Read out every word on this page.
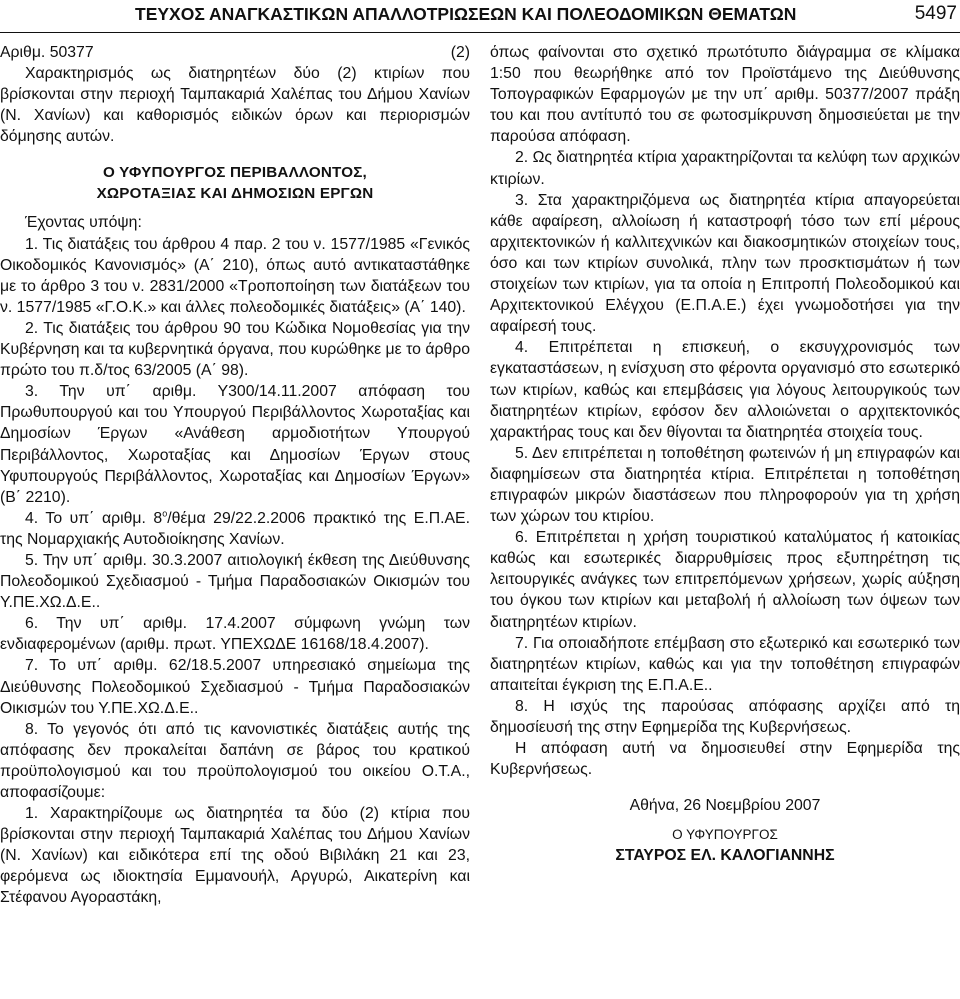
ΤΕΥΧΟΣ ΑΝΑΓΚΑΣΤΙΚΩΝ ΑΠΑΛΛΟΤΡΙΩΣΕΩΝ ΚΑΙ ΠΟΛΕΟΔΟΜΙΚΩΝ ΘΕΜΑΤΩΝ	5497

Αριθμ. 50377	(2)

Χαρακτηρισμός ως διατηρητέων δύο (2) κτιρίων που βρίσκονται στην περιοχή Ταμπακαριά Χαλέπας του Δήμου Χανίων (Ν. Χανίων) και καθορισμός ειδικών όρων και περιορισμών δόμησης αυτών.

Ο ΥΦΥΠΟΥΡΓΟΣ ΠΕΡΙΒΑΛΛΟΝΤΟΣ,

ΧΩΡΟΤΑΞΙΑΣ ΚΑΙ ΔΗΜΟΣΙΩΝ ΕΡΓΩΝ

Έχοντας υπόψη:

1. Τις διατάξεις του άρθρου 4 παρ. 2 του ν. 1577/1985 «Γενικός Οικοδομικός Κανονισμός» (Α΄ 210), όπως αυτό αντικαταστάθηκε με το άρθρο 3 του ν. 2831/2000 «Τροποποίηση των διατάξεων του ν. 1577/1985 «Γ.Ο.Κ.» και άλλες πολεοδομικές διατάξεις» (Α΄ 140).

2. Τις διατάξεις του άρθρου 90 του Κώδικα Νομοθεσίας για την Κυβέρνηση και τα κυβερνητικά όργανα, που κυρώθηκε με το άρθρο πρώτο του π.δ/τος 63/2005 (Α΄ 98).

3. Την υπ΄ αριθμ. Υ300/14.11.2007 απόφαση του Πρωθυπουργού και του Υπουργού Περιβάλλοντος Χωροταξίας και Δημοσίων Έργων «Ανάθεση αρμοδιοτήτων Υπουργού Περιβάλλοντος, Χωροταξίας και Δημοσίων Έργων στους Υφυπουργούς Περιβάλλοντος, Χωροταξίας και Δημοσίων Έργων» (Β΄ 2210).

4. Το υπ΄ αριθμ. $8^o$/θέμα 29/22.2.2006 πρακτικό της Ε.Π.ΑΕ. της Νομαρχιακής Αυτοδιοίκησης Χανίων.

5. Την υπ΄ αριθμ. 30.3.2007 αιτιολογική έκθεση της Διεύθυνσης Πολεοδομικού Σχεδιασμού - Τμήμα Παραδοσιακών Οικισμών του Υ.ΠΕ.ΧΩ.Δ.Ε..

6. Την υπ΄ αριθμ. 17.4.2007 σύμφωνη γνώμη των ενδιαφερομένων (αριθμ. πρωτ. ΥΠΕΧΩΔΕ 16168/18.4.2007).

7. Το υπ΄ αριθμ. 62/18.5.2007 υπηρεσιακό σημείωμα της Διεύθυνσης Πολεοδομικού Σχεδιασμού - Τμήμα Παραδοσιακών Οικισμών του Υ.ΠΕ.ΧΩ.Δ.Ε..

8. Το γεγονός ότι από τις κανονιστικές διατάξεις αυτής της απόφασης δεν προκαλείται δαπάνη σε βάρος του κρατικού προϋπολογισμού και του προϋπολογισμού του οικείου Ο.Τ.Α., αποφασίζουμε:

1. Χαρακτηρίζουμε ως διατηρητέα τα δύο (2) κτίρια που βρίσκονται στην περιοχή Ταμπακαριά Χαλέπας του Δήμου Χανίων (Ν. Χανίων) και ειδικότερα επί της οδού Βιβιλάκη 21 και 23, φερόμενα ως ιδιοκτησία Εμμανουήλ, Αργυρώ, Αικατερίνη και Στέφανου Αγοραστάκη,

όπως φαίνονται στο σχετικό πρωτότυπο διάγραμμα σε κλίμακα 1:50 που θεωρήθηκε από τον Προϊστάμενο της Διεύθυνσης Τοπογραφικών Εφαρμογών με την υπ΄ αριθμ. 50377/2007 πράξη του και που αντίτυπό του σε φωτοσμίκρυνση δημοσιεύεται με την παρούσα απόφαση.

2. Ως διατηρητέα κτίρια χαρακτηρίζονται τα κελύφη των αρχικών κτιρίων.

3. Στα χαρακτηριζόμενα ως διατηρητέα κτίρια απαγορεύεται κάθε αφαίρεση, αλλοίωση ή καταστροφή τόσο των επί μέρους αρχιτεκτονικών ή καλλιτεχνικών και διακοσμητικών στοιχείων τους, όσο και των κτιρίων συνολικά, πλην των προσκτισμάτων ή των στοιχείων των κτιρίων, για τα οποία η Επιτροπή Πολεοδομικού και Αρχιτεκτονικού Ελέγχου (Ε.Π.Α.Ε.) έχει γνωμοδοτήσει για την αφαίρεσή τους.

4. Επιτρέπεται η επισκευή, ο εκσυγχρονισμός των εγκαταστάσεων, η ενίσχυση στο φέροντα οργανισμό στο εσωτερικό των κτιρίων, καθώς και επεμβάσεις για λόγους λειτουργικούς των διατηρητέων κτιρίων, εφόσον δεν αλλοιώνεται ο αρχιτεκτονικός χαρακτήρας τους και δεν θίγονται τα διατηρητέα στοιχεία τους.

5. Δεν επιτρέπεται η τοποθέτηση φωτεινών ή μη επιγραφών και διαφημίσεων στα διατηρητέα κτίρια. Επιτρέπεται η τοποθέτηση επιγραφών μικρών διαστάσεων που πληροφορούν για τη χρήση των χώρων του κτιρίου.

6. Επιτρέπεται η χρήση τουριστικού καταλύματος ή κατοικίας καθώς και εσωτερικές διαρρυθμίσεις προς εξυπηρέτηση τις λειτουργικές ανάγκες των επιτρεπόμενων χρήσεων, χωρίς αύξηση του όγκου των κτιρίων και μεταβολή ή αλλοίωση των όψεων των διατηρητέων κτιρίων.

7. Για οποιαδήποτε επέμβαση στο εξωτερικό και εσωτερικό των διατηρητέων κτιρίων, καθώς και για την τοποθέτηση επιγραφών απαιτείται έγκριση της Ε.Π.Α.Ε..

8. Η ισχύς της παρούσας απόφασης αρχίζει από τη δημοσίευσή της στην Εφημερίδα της Κυβερνήσεως.

Η απόφαση αυτή να δημοσιευθεί στην Εφημερίδα της Κυβερνήσεως.

Αθήνα, 26 Νοεμβρίου 2007

Ο ΥΦΥΠΟΥΡΓΟΣ

ΣΤΑΥΡΟΣ ΕΛ. ΚΑΛΟΓΙΑΝΝΗΣ
